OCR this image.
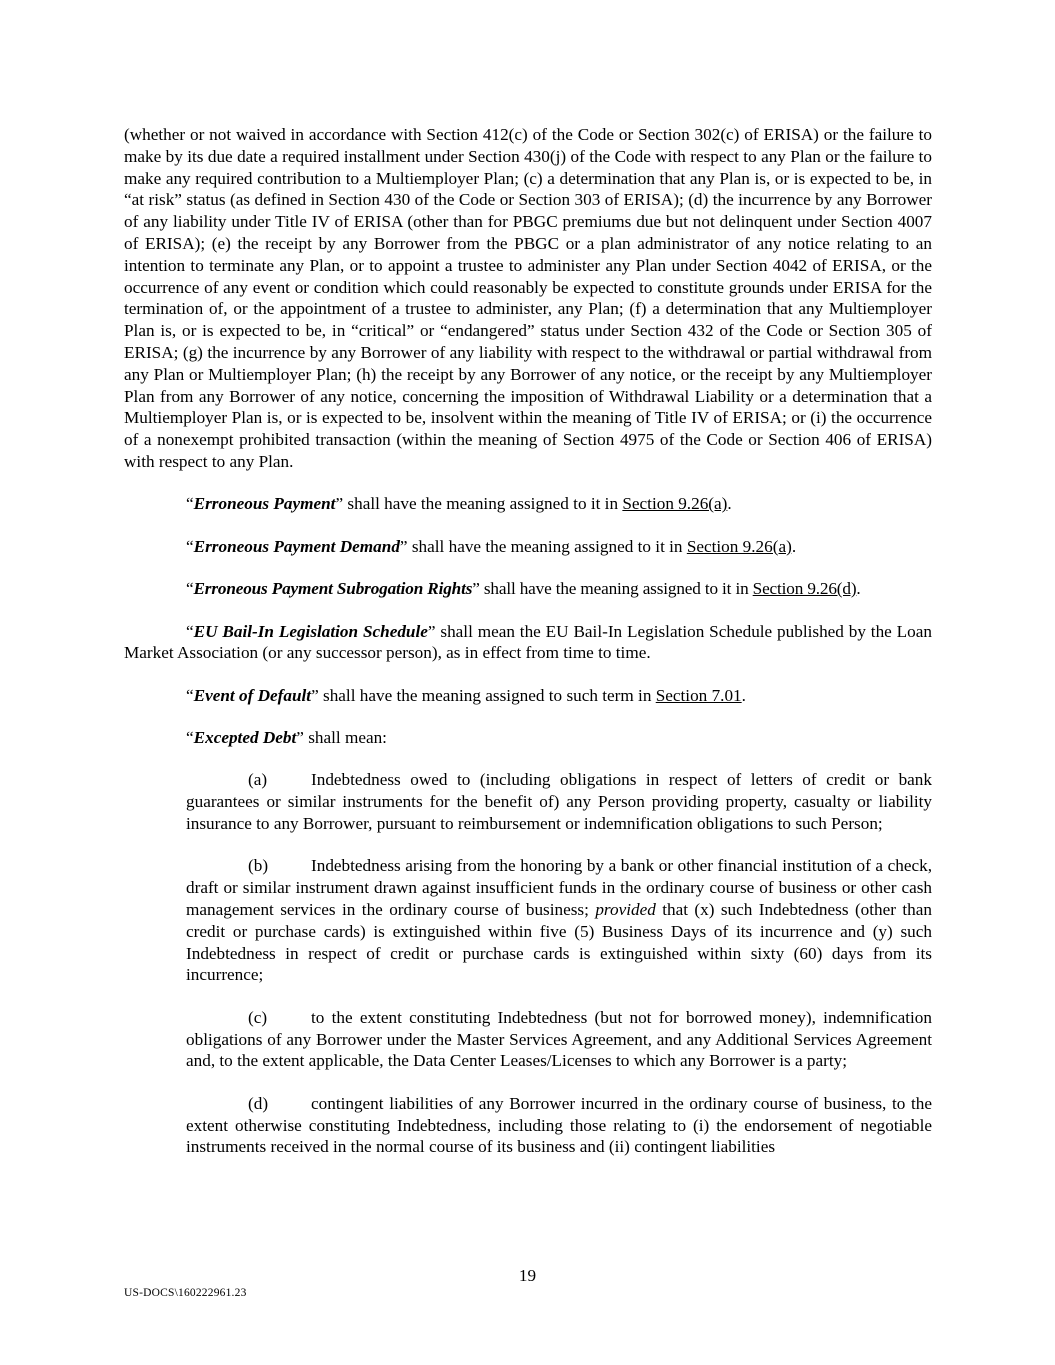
(whether or not waived in accordance with Section 412(c) of the Code or Section 302(c) of ERISA) or the failure to make by its due date a required installment under Section 430(j) of the Code with respect to any Plan or the failure to make any required contribution to a Multiemployer Plan; (c) a determination that any Plan is, or is expected to be, in “at risk” status (as defined in Section 430 of the Code or Section 303 of ERISA); (d) the incurrence by any Borrower of any liability under Title IV of ERISA (other than for PBGC premiums due but not delinquent under Section 4007 of ERISA); (e) the receipt by any Borrower from the PBGC or a plan administrator of any notice relating to an intention to terminate any Plan, or to appoint a trustee to administer any Plan under Section 4042 of ERISA, or the occurrence of any event or condition which could reasonably be expected to constitute grounds under ERISA for the termination of, or the appointment of a trustee to administer, any Plan; (f) a determination that any Multiemployer Plan is, or is expected to be, in “critical” or “endangered” status under Section 432 of the Code or Section 305 of ERISA; (g) the incurrence by any Borrower of any liability with respect to the withdrawal or partial withdrawal from any Plan or Multiemployer Plan; (h) the receipt by any Borrower of any notice, or the receipt by any Multiemployer Plan from any Borrower of any notice, concerning the imposition of Withdrawal Liability or a determination that a Multiemployer Plan is, or is expected to be, insolvent within the meaning of Title IV of ERISA; or (i) the occurrence of a nonexempt prohibited transaction (within the meaning of Section 4975 of the Code or Section 406 of ERISA) with respect to any Plan.

“Erroneous Payment” shall have the meaning assigned to it in Section 9.26(a).

“Erroneous Payment Demand” shall have the meaning assigned to it in Section 9.26(a).

“Erroneous Payment Subrogation Rights” shall have the meaning assigned to it in Section 9.26(d).

“EU Bail-In Legislation Schedule” shall mean the EU Bail-In Legislation Schedule published by the Loan Market Association (or any successor person), as in effect from time to time.

“Event of Default” shall have the meaning assigned to such term in Section 7.01.

“Excepted Debt” shall mean:

(a)	Indebtedness owed to (including obligations in respect of letters of credit or bank guarantees or similar instruments for the benefit of) any Person providing property, casualty or liability insurance to any Borrower, pursuant to reimbursement or indemnification obligations to such Person;

(b) Indebtedness arising from the honoring by a bank or other financial institution of a check, draft or similar instrument drawn against insufficient funds in the ordinary course of business or other cash management services in the ordinary course of business; provided that (x) such Indebtedness (other than credit or purchase cards) is extinguished within five (5) Business Days of its incurrence and (y) such Indebtedness in respect of credit or purchase cards is extinguished within sixty (60) days from its incurrence;

(c)	to the extent constituting Indebtedness (but not for borrowed money), indemnification obligations of any Borrower under the Master Services Agreement, and any Additional Services Agreement and, to the extent applicable, the Data Center Leases/Licenses to which any Borrower is a party;

(d) contingent liabilities of any Borrower incurred in the ordinary course of business, to the extent otherwise constituting Indebtedness, including those relating to (i) the endorsement of negotiable instruments received in the normal course of its business and (ii) contingent liabilities

19
US-DOCS\160222961.23
